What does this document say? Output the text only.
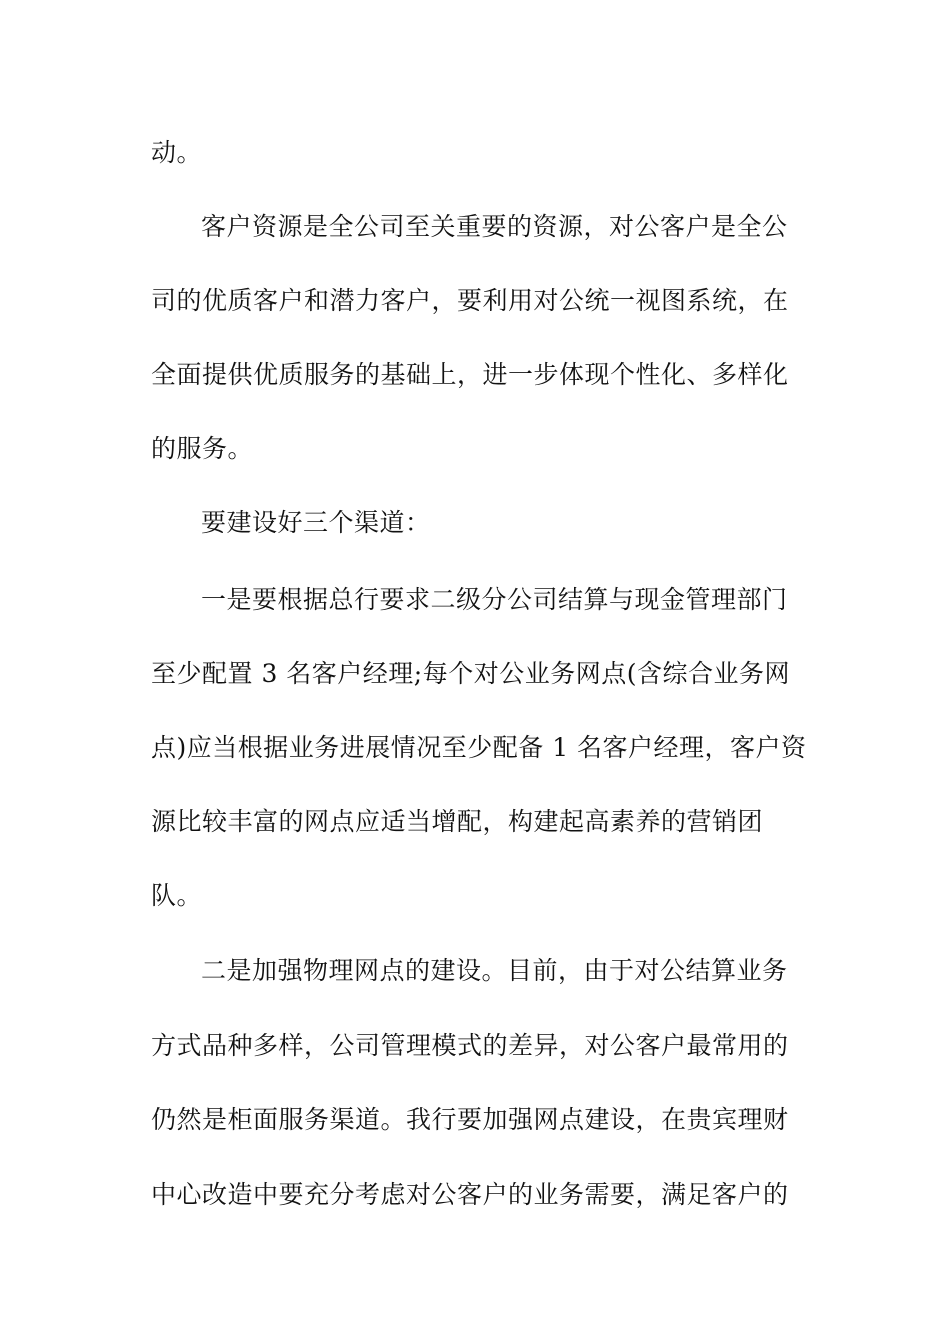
动。
客户资源是全公司至关重要的资源，对公客户是全公
司的优质客户和潜力客户，要利用对公统一视图系统，在
全面提供优质服务的基础上，进一步体现个性化、多样化
的服务。
要建设好三个渠道：
一是要根据总行要求二级分公司结算与现金管理部门
至少配置 3 名客户经理;每个对公业务网点(含综合业务网
点)应当根据业务进展情况至少配备 1 名客户经理，客户资
源比较丰富的网点应适当增配，构建起高素养的营销团
队。
二是加强物理网点的建设。目前，由于对公结算业务
方式品种多样，公司管理模式的差异，对公客户最常用的
仍然是柜面服务渠道。我行要加强网点建设，在贵宾理财
中心改造中要充分考虑对公客户的业务需要，满足客户的
